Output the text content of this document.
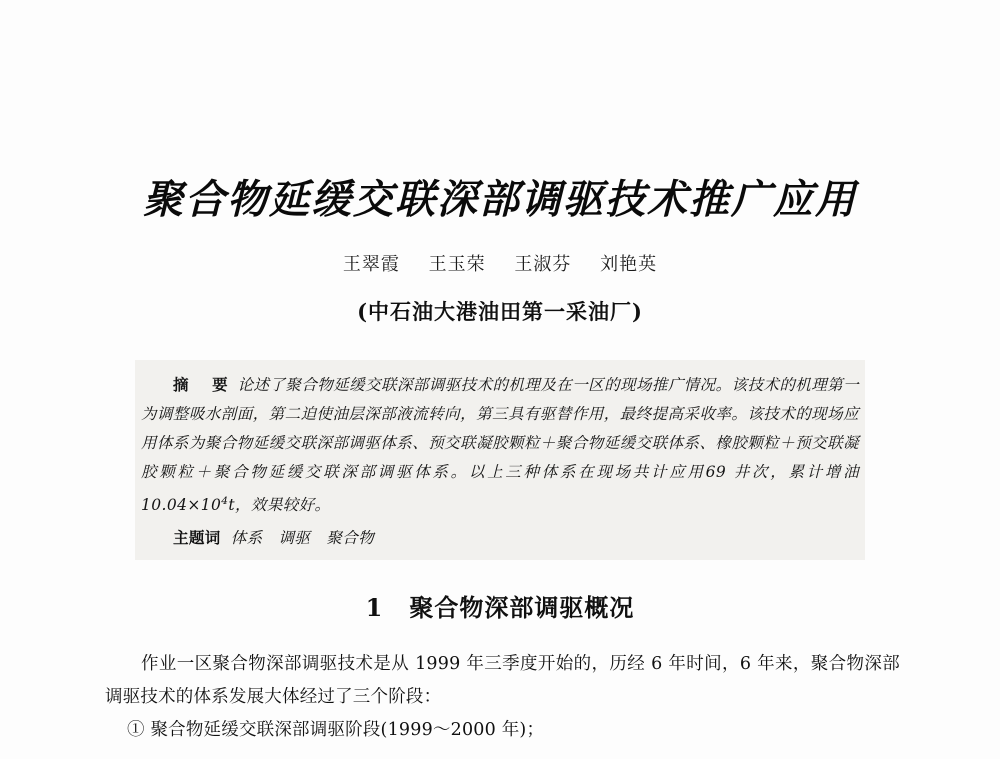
聚合物延缓交联深部调驱技术推广应用
王翠霞 王玉荣 王淑芬 刘艳英
(中石油大港油田第一采油厂)
摘　要 论述了聚合物延缓交联深部调驱技术的机理及在一区的现场推广情况。该技术的机理第一为调整吸水剖面，第二迫使油层深部液流转向，第三具有驱替作用，最终提高采收率。该技术的现场应用体系为聚合物延缓交联深部调驱体系、预交联凝胶颗粒＋聚合物延缓交联体系、橡胶颗粒＋预交联凝胶颗粒＋聚合物延缓交联深部调驱体系。以上三种体系在现场共计应用69 井次，累计增油$10.04\times 10^4t$，效果较好。
主题词 体系 调驱 聚合物
1 聚合物深部调驱概况

作业一区聚合物深部调驱技术是从 1999 年三季度开始的，历经 6 年时间，6 年来，聚合物深部调驱技术的体系发展大体经过了三个阶段：

① 聚合物延缓交联深部调驱阶段(1999～2000 年)；
